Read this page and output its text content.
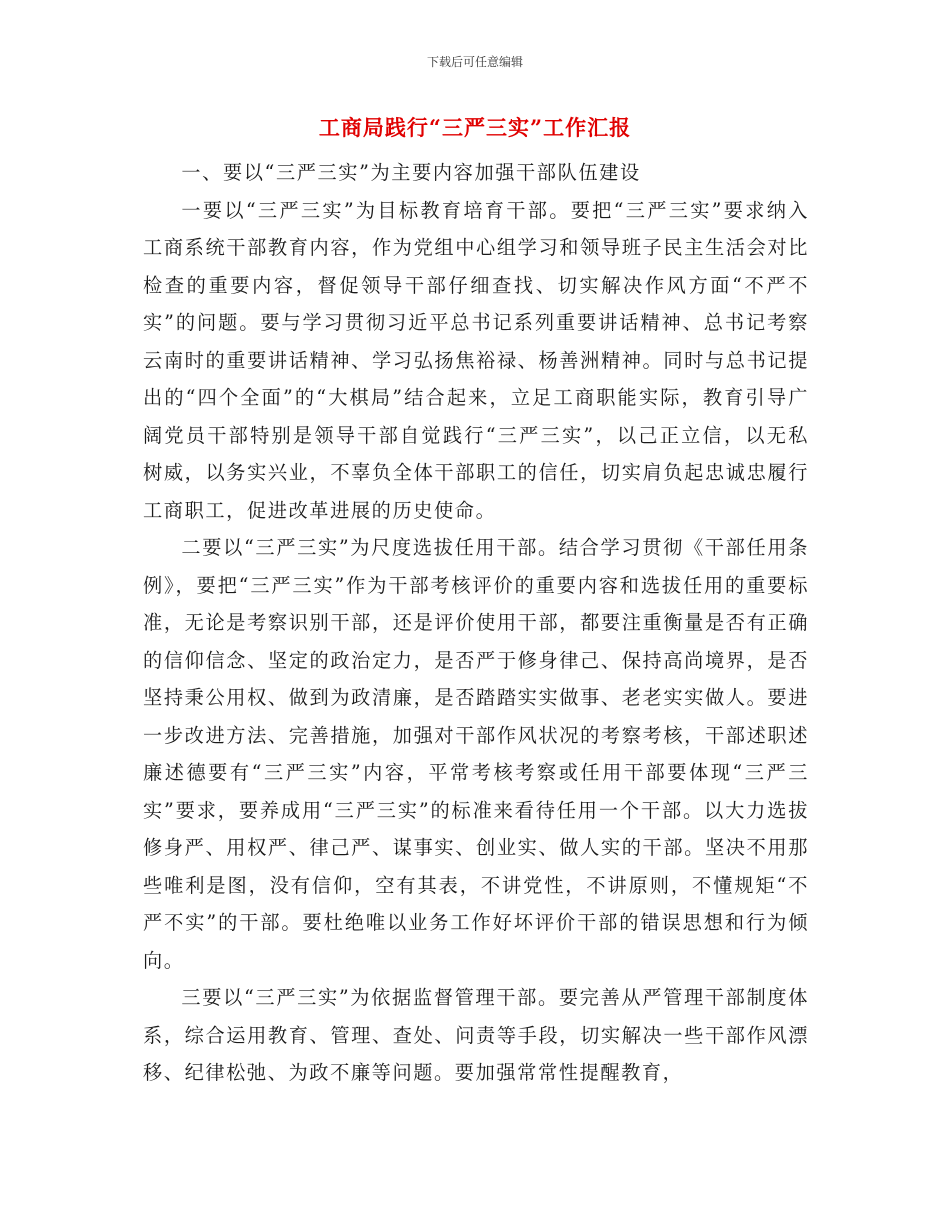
下载后可任意编辑
工商局践行“三严三实”工作汇报

一、要以“三严三实”为主要内容加强干部队伍建设

一要以“三严三实”为目标教育培育干部。要把“三严三实”要求纳入工商系统干部教育内容，作为党组中心组学习和领导班子民主生活会对比检查的重要内容，督促领导干部仔细查找、切实解决作风方面“不严不实”的问题。要与学习贯彻习近平总书记系列重要讲话精神、总书记考察云南时的重要讲话精神、学习弘扬焦裕禄、杨善洲精神。同时与总书记提出的“四个全面”的“大棋局”结合起来，立足工商职能实际，教育引导广阔党员干部特别是领导干部自觉践行“三严三实”，以己正立信，以无私树威，以务实兴业，不辜负全体干部职工的信任，切实肩负起忠诚忠履行工商职工，促进改革进展的历史使命。

二要以“三严三实”为尺度选拔任用干部。结合学习贯彻《干部任用条例》，要把“三严三实”作为干部考核评价的重要内容和选拔任用的重要标准，无论是考察识别干部，还是评价使用干部，都要注重衡量是否有正确的信仰信念、坚定的政治定力，是否严于修身律己、保持高尚境界，是否坚持秉公用权、做到为政清廉，是否踏踏实实做事、老老实实做人。要进一步改进方法、完善措施，加强对干部作风状况的考察考核，干部述职述廉述德要有“三严三实”内容，平常考核考察或任用干部要体现“三严三实”要求，要养成用“三严三实”的标准来看待任用一个干部。以大力选拔修身严、用权严、律己严、谋事实、创业实、做人实的干部。坚决不用那些唯利是图，没有信仰，空有其表，不讲党性，不讲原则，不懂规矩“不严不实”的干部。要杜绝唯以业务工作好坏评价干部的错误思想和行为倾向。

三要以“三严三实”为依据监督管理干部。要完善从严管理干部制度体系，综合运用教育、管理、查处、问责等手段，切实解决一些干部作风漂移、纪律松弛、为政不廉等问题。要加强常常性提醒教育，
